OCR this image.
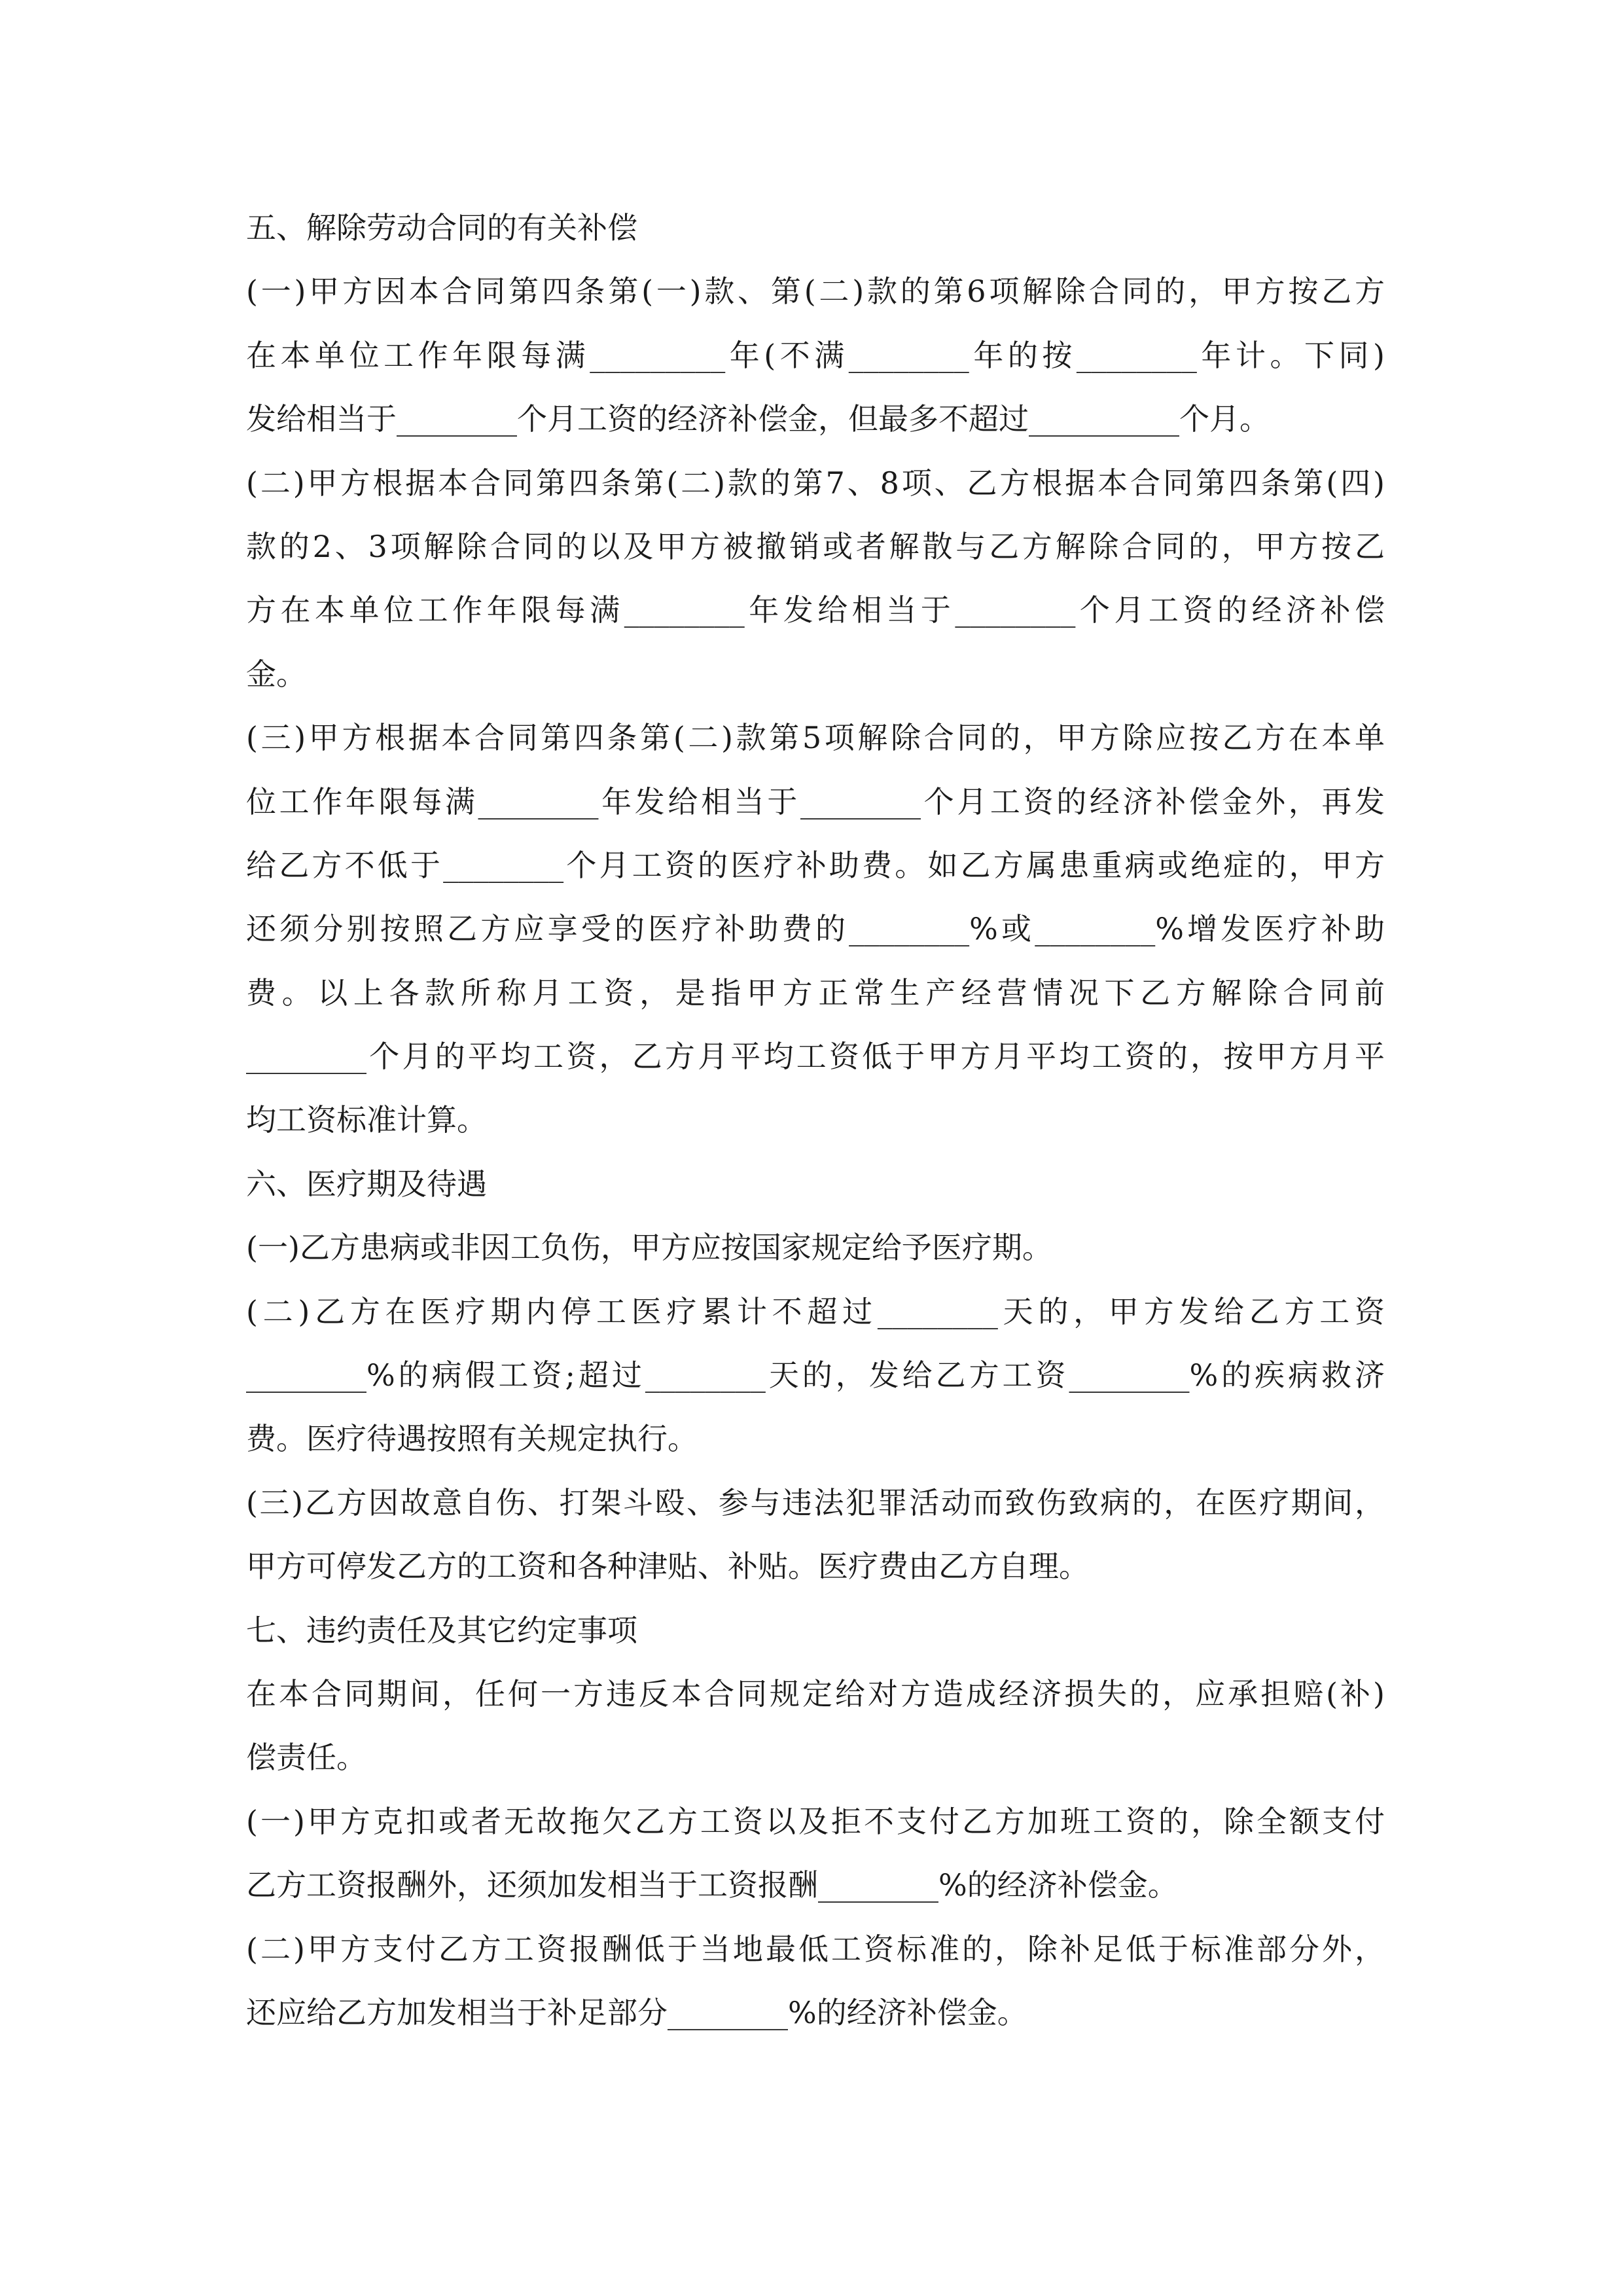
五、解除劳动合同的有关补偿
(一)甲方因本合同第四条第(一)款、第(二)款的第6项解除合同的，甲方按乙方
在本单位工作年限每满_________年(不满________年的按________年计。下同)
发给相当于________个月工资的经济补偿金，但最多不超过__________个月。
(二)甲方根据本合同第四条第(二)款的第7、8项、乙方根据本合同第四条第(四)
款的2、3项解除合同的以及甲方被撤销或者解散与乙方解除合同的，甲方按乙
方在本单位工作年限每满________年发给相当于________个月工资的经济补偿
金。
(三)甲方根据本合同第四条第(二)款第5项解除合同的，甲方除应按乙方在本单
位工作年限每满________年发给相当于________个月工资的经济补偿金外，再发
给乙方不低于________个月工资的医疗补助费。如乙方属患重病或绝症的，甲方
还须分别按照乙方应享受的医疗补助费的________%或________%增发医疗补助
费。以上各款所称月工资，是指甲方正常生产经营情况下乙方解除合同前
________个月的平均工资，乙方月平均工资低于甲方月平均工资的，按甲方月平
均工资标准计算。
六、医疗期及待遇
(一)乙方患病或非因工负伤，甲方应按国家规定给予医疗期。
(二)乙方在医疗期内停工医疗累计不超过________天的，甲方发给乙方工资
________%的病假工资;超过________天的，发给乙方工资________%的疾病救济
费。医疗待遇按照有关规定执行。
(三)乙方因故意自伤、打架斗殴、参与违法犯罪活动而致伤致病的，在医疗期间，
甲方可停发乙方的工资和各种津贴、补贴。医疗费由乙方自理。
七、违约责任及其它约定事项
在本合同期间，任何一方违反本合同规定给对方造成经济损失的，应承担赔(补)
偿责任。
(一)甲方克扣或者无故拖欠乙方工资以及拒不支付乙方加班工资的，除全额支付
乙方工资报酬外，还须加发相当于工资报酬________%的经济补偿金。
(二)甲方支付乙方工资报酬低于当地最低工资标准的，除补足低于标准部分外，
还应给乙方加发相当于补足部分________%的经济补偿金。
